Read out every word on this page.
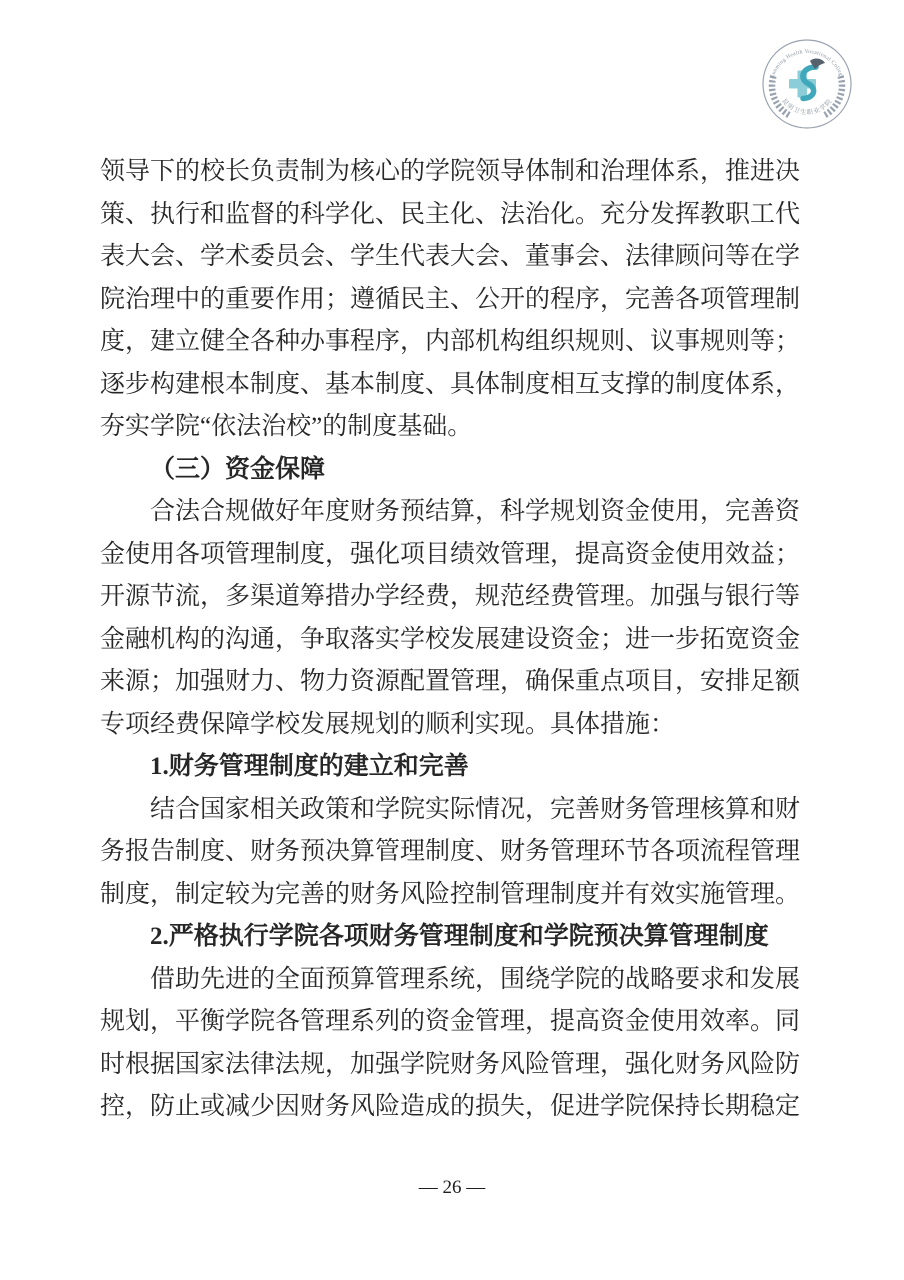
Kunming Health Vocational College
昆明卫生职业学院
领导下的校长负责制为核心的学院领导体制和治理体系，推进决
策、执行和监督的科学化、民主化、法治化。充分发挥教职工代
表大会、学术委员会、学生代表大会、董事会、法律顾问等在学
院治理中的重要作用；遵循民主、公开的程序，完善各项管理制
度，建立健全各种办事程序，内部机构组织规则、议事规则等；
逐步构建根本制度、基本制度、具体制度相互支撑的制度体系，
夯实学院“依法治校”的制度基础。
（三）资金保障
合法合规做好年度财务预结算，科学规划资金使用，完善资
金使用各项管理制度，强化项目绩效管理，提高资金使用效益；
开源节流，多渠道筹措办学经费，规范经费管理。加强与银行等
金融机构的沟通，争取落实学校发展建设资金；进一步拓宽资金
来源；加强财力、物力资源配置管理，确保重点项目，安排足额
专项经费保障学校发展规划的顺利实现。具体措施：
1.财务管理制度的建立和完善
结合国家相关政策和学院实际情况，完善财务管理核算和财
务报告制度、财务预决算管理制度、财务管理环节各项流程管理
制度，制定较为完善的财务风险控制管理制度并有效实施管理。
2.严格执行学院各项财务管理制度和学院预决算管理制度
借助先进的全面预算管理系统，围绕学院的战略要求和发展
规划，平衡学院各管理系列的资金管理，提高资金使用效率。同
时根据国家法律法规，加强学院财务风险管理，强化财务风险防
控，防止或减少因财务风险造成的损失，促进学院保持长期稳定
— 26 —
